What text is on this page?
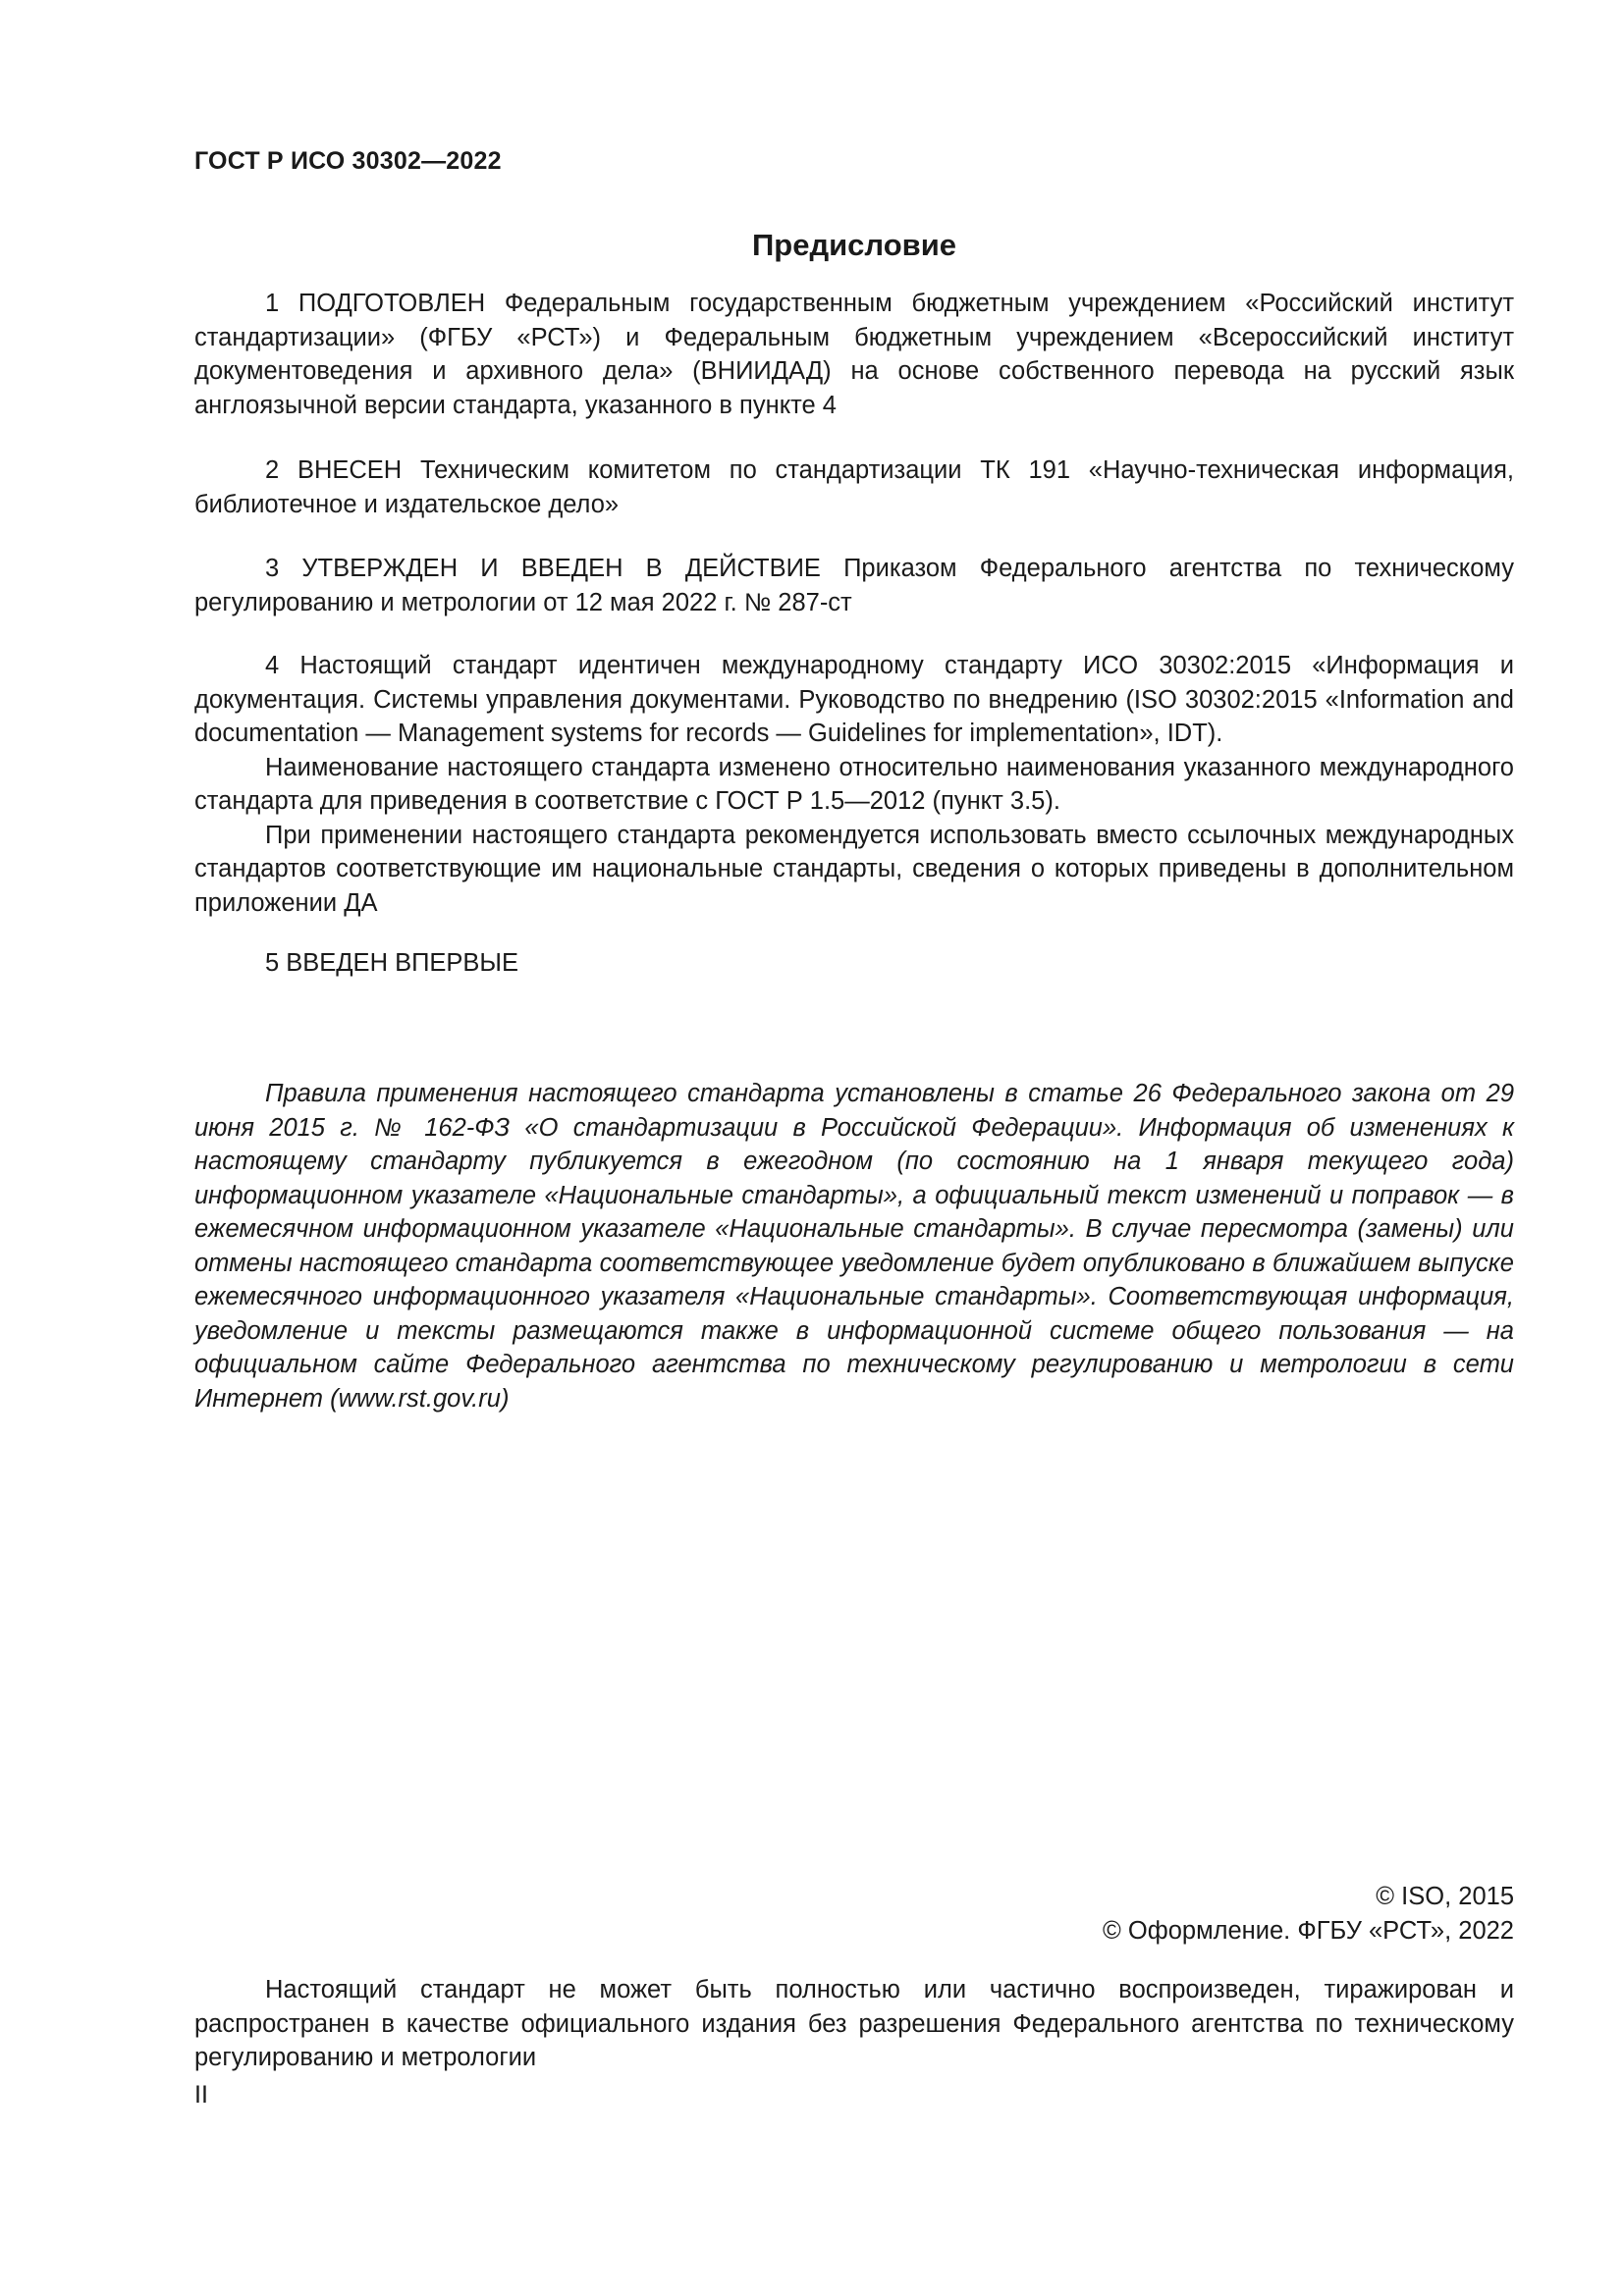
ГОСТ Р ИСО 30302—2022
Предисловие

1 ПОДГОТОВЛЕН Федеральным государственным бюджетным учреждением «Российский институт стандартизации» (ФГБУ «РСТ») и Федеральным бюджетным учреждением «Всероссийский институт документоведения и архивного дела» (ВНИИДАД) на основе собственного перевода на русский язык англоязычной версии стандарта, указанного в пункте 4

2 ВНЕСЕН Техническим комитетом по стандартизации ТК 191 «Научно-техническая информация, библиотечное и издательское дело»

3 УТВЕРЖДЕН И ВВЕДЕН В ДЕЙСТВИЕ Приказом Федерального агентства по техническому регулированию и метрологии от 12 мая 2022 г. № 287-ст

4 Настоящий стандарт идентичен международному стандарту ИСО 30302:2015 «Информация и документация. Системы управления документами. Руководство по внедрению (ISO 30302:2015 «Information and documentation — Management systems for records — Guidelines for implementation», IDT).

Наименование настоящего стандарта изменено относительно наименования указанного международного стандарта для приведения в соответствие с ГОСТ Р 1.5—2012 (пункт 3.5).

При применении настоящего стандарта рекомендуется использовать вместо ссылочных международных стандартов соответствующие им национальные стандарты, сведения о которых приведены в дополнительном приложении ДА

5 ВВЕДЕН ВПЕРВЫЕ

Правила применения настоящего стандарта установлены в статье 26 Федерального закона от 29 июня 2015 г. № 162-ФЗ «О стандартизации в Российской Федерации». Информация об изменениях к настоящему стандарту публикуется в ежегодном (по состоянию на 1 января текущего года) информационном указателе «Национальные стандарты», а официальный текст изменений и поправок — в ежемесячном информационном указателе «Национальные стандарты». В случае пересмотра (замены) или отмены настоящего стандарта соответствующее уведомление будет опубликовано в ближайшем выпуске ежемесячного информационного указателя «Национальные стандарты». Соответствующая информация, уведомление и тексты размещаются также в информационной системе общего пользования — на официальном сайте Федерального агентства по техническому регулированию и метрологии в сети Интернет (www.rst.gov.ru)

© ISO, 2015
© Оформление. ФГБУ «РСТ», 2022

Настоящий стандарт не может быть полностью или частично воспроизведен, тиражирован и распространен в качестве официального издания без разрешения Федерального агентства по техническому регулированию и метрологии

II
